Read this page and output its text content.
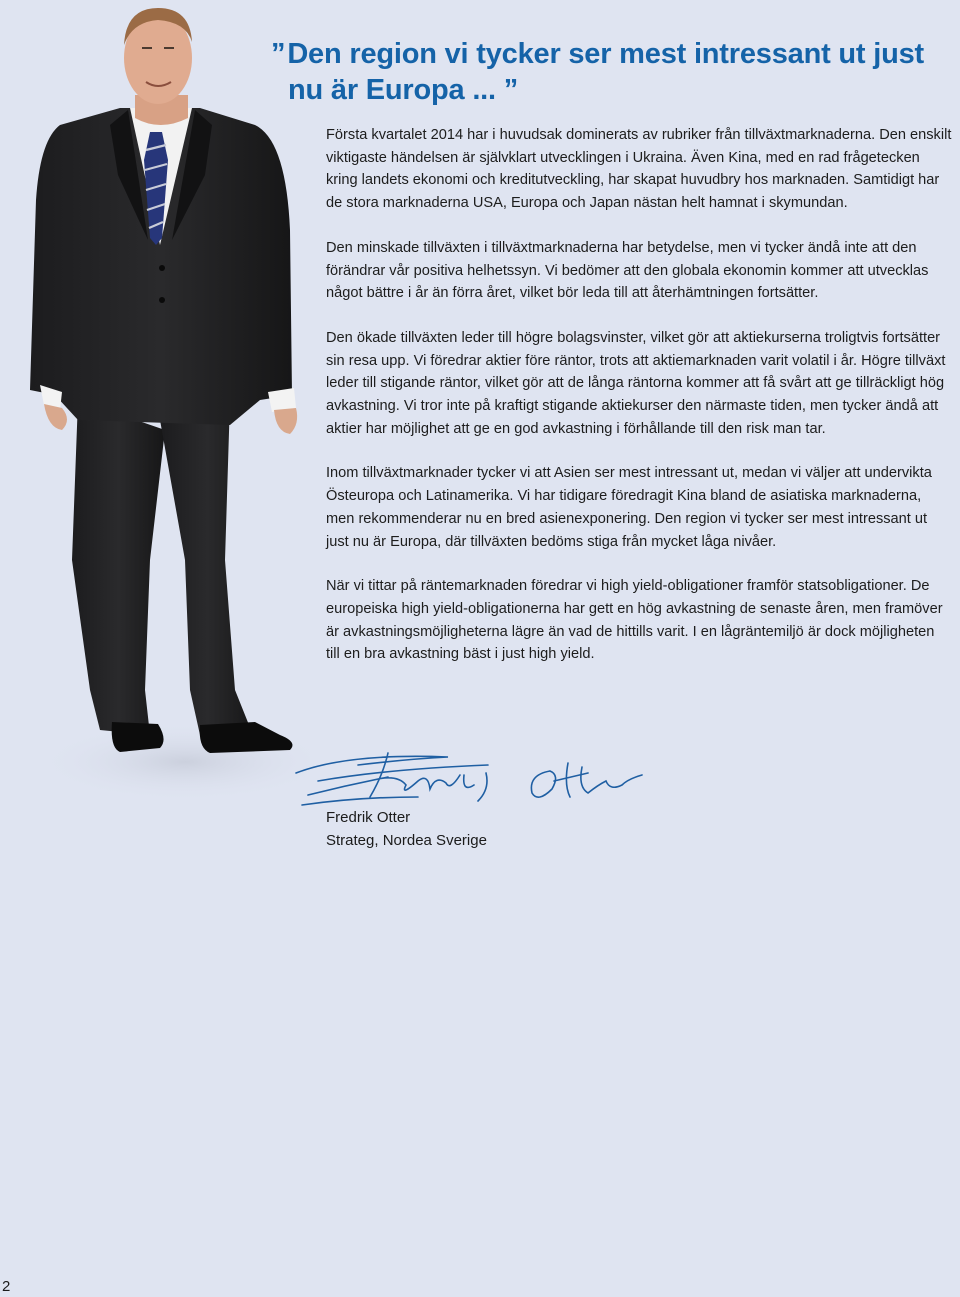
”Den region vi tycker ser mest intressant ut just
nu är Europa ... ”

Första kvartalet 2014 har i huvudsak dominerats av rubriker från tillväxtmarknaderna. Den enskilt viktigaste händelsen är självklart utvecklingen i Ukraina. Även Kina, med en rad frågetecken kring landets ekonomi och kreditutveckling, har skapat huvudbry hos marknaden. Samtidigt har de stora marknaderna USA, Europa och Japan nästan helt hamnat i skymundan.

Den minskade tillväxten i tillväxtmarknaderna har betydelse, men vi tycker ändå inte att den förändrar vår positiva helhetssyn. Vi bedömer att den globala ekonomin kommer att utvecklas något bättre i år än förra året, vilket bör leda till att återhämtningen fortsätter.

Den ökade tillväxten leder till högre bolagsvinster, vilket gör att aktiekurserna troligtvis fortsätter sin resa upp. Vi föredrar aktier före räntor, trots att aktiemarknaden varit volatil i år. Högre tillväxt leder till stigande räntor, vilket gör att de långa räntorna kommer att få svårt att ge tillräckligt hög avkastning. Vi tror inte på kraftigt stigande aktiekurser den närmaste tiden, men tycker ändå att aktier har möjlighet att ge en god avkastning i förhållande till den risk man tar.

Inom tillväxtmarknader tycker vi att Asien ser mest intressant ut, medan vi väljer att undervikta Östeuropa och Latinamerika. Vi har tidigare föredragit Kina bland de asiatiska marknaderna, men rekommenderar nu en bred asienexponering. Den region vi tycker ser mest intressant ut just nu är Europa, där tillväxten bedöms stiga från mycket låga nivåer.

När vi tittar på räntemarknaden föredrar vi high yield-obligationer framför statsobligationer. De europeiska high yield-obligationerna har gett en hög avkastning de senaste åren, men framöver är avkastningsmöjligheterna lägre än vad de hittills varit. I en lågräntemiljö är dock möjligheten till en bra avkastning bäst i just high yield.

Fredrik Otter

Strateg, Nordea Sverige

2
